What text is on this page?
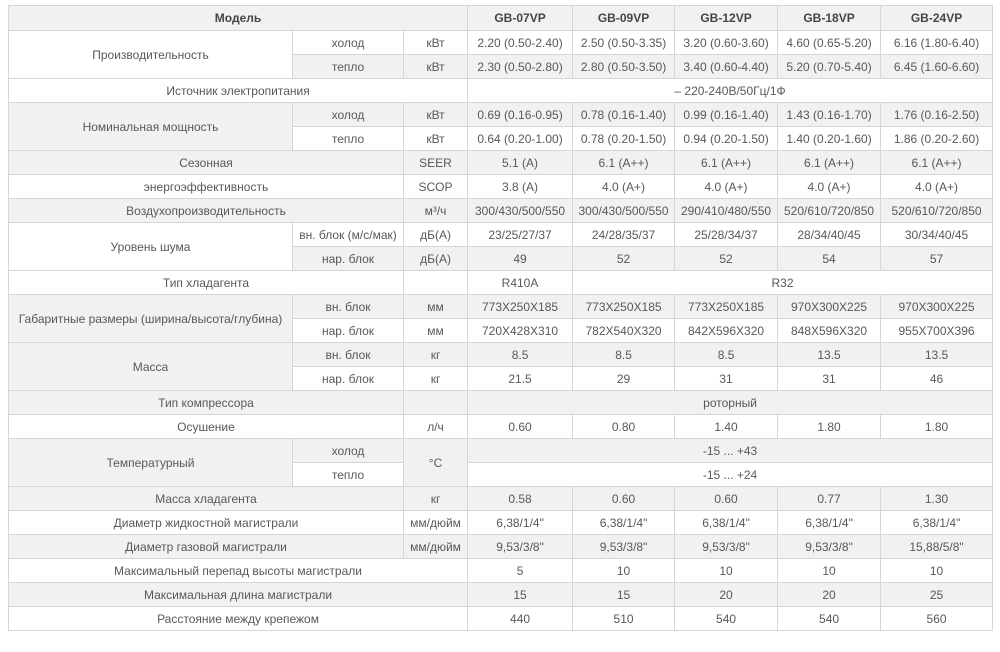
Модель			GB-07VP	GB-09VP	GB-12VP	GB-18VP	GB-24VP
Производительность	холод	кВт	2.20 (0.50-2.40)	2.50 (0.50-3.35)	3.20 (0.60-3.60)	4.60 (0.65-5.20)	6.16 (1.80-6.40)
	тепло	кВт	2.30 (0.50-2.80)	2.80 (0.50-3.50)	3.40 (0.60-4.40)	5.20 (0.70-5.40)	6.45 (1.60-6.60)
Источник электропитания			– 220-240В/50Гц/1Ф				
Номинальная мощность	холод	кВт	0.69 (0.16-0.95)	0.78 (0.16-1.40)	0.99 (0.16-1.40)	1.43 (0.16-1.70)	1.76 (0.16-2.50)
	тепло	кВт	0.64 (0.20-1.00)	0.78 (0.20-1.50)	0.94 (0.20-1.50)	1.40 (0.20-1.60)	1.86 (0.20-2.60)
Сезонная		SEER	5.1 (A)	6.1 (A++)	6.1 (A++)	6.1 (A++)	6.1 (A++)
энергоэффективность		SCOP	3.8 (A)	4.0 (A+)	4.0 (A+)	4.0 (A+)	4.0 (A+)
Воздухопроизводительность		м³/ч	300/430/500/550	300/430/500/550	290/410/480/550	520/610/720/850	520/610/720/850
Уровень шума	вн. блок (м/с/мак)	дБ(А)	23/25/27/37	24/28/35/37	25/28/34/37	28/34/40/45	30/34/40/45
	нар. блок	дБ(А)	49	52	52	54	57
Тип хладагента			R410A	R32			
Габаритные размеры (ширина/высота/глубина)	вн. блок	мм	773X250X185	773X250X185	773X250X185	970X300X225	970X300X225
	нар. блок	мм	720X428X310	782X540X320	842X596X320	848X596X320	955X700X396
Масса	вн. блок	кг	8.5	8.5	8.5	13.5	13.5
	нар. блок	кг	21.5	29	31	31	46
Тип компрессора			роторный				
Осушение		л/ч	0.60	0.80	1.40	1.80	1.80
Температурный	холод	°С	-15 ... +43				
	тепло		-15 ... +24				
Масса хладагента		кг	0.58	0.60	0.60	0.77	1.30
Диаметр жидкостной магистрали		мм/дюйм	6,38/1/4"	6,38/1/4"	6,38/1/4"	6,38/1/4"	6,38/1/4"
Диаметр газовой магистрали		мм/дюйм	9,53/3/8"	9,53/3/8"	9,53/3/8"	9,53/3/8"	15,88/5/8"
Максимальный перепад высоты магистрали			5	10	10	10	10
Максимальная длина магистрали			15	15	20	20	25
Расстояние между крепежом			440	510	540	540	560
